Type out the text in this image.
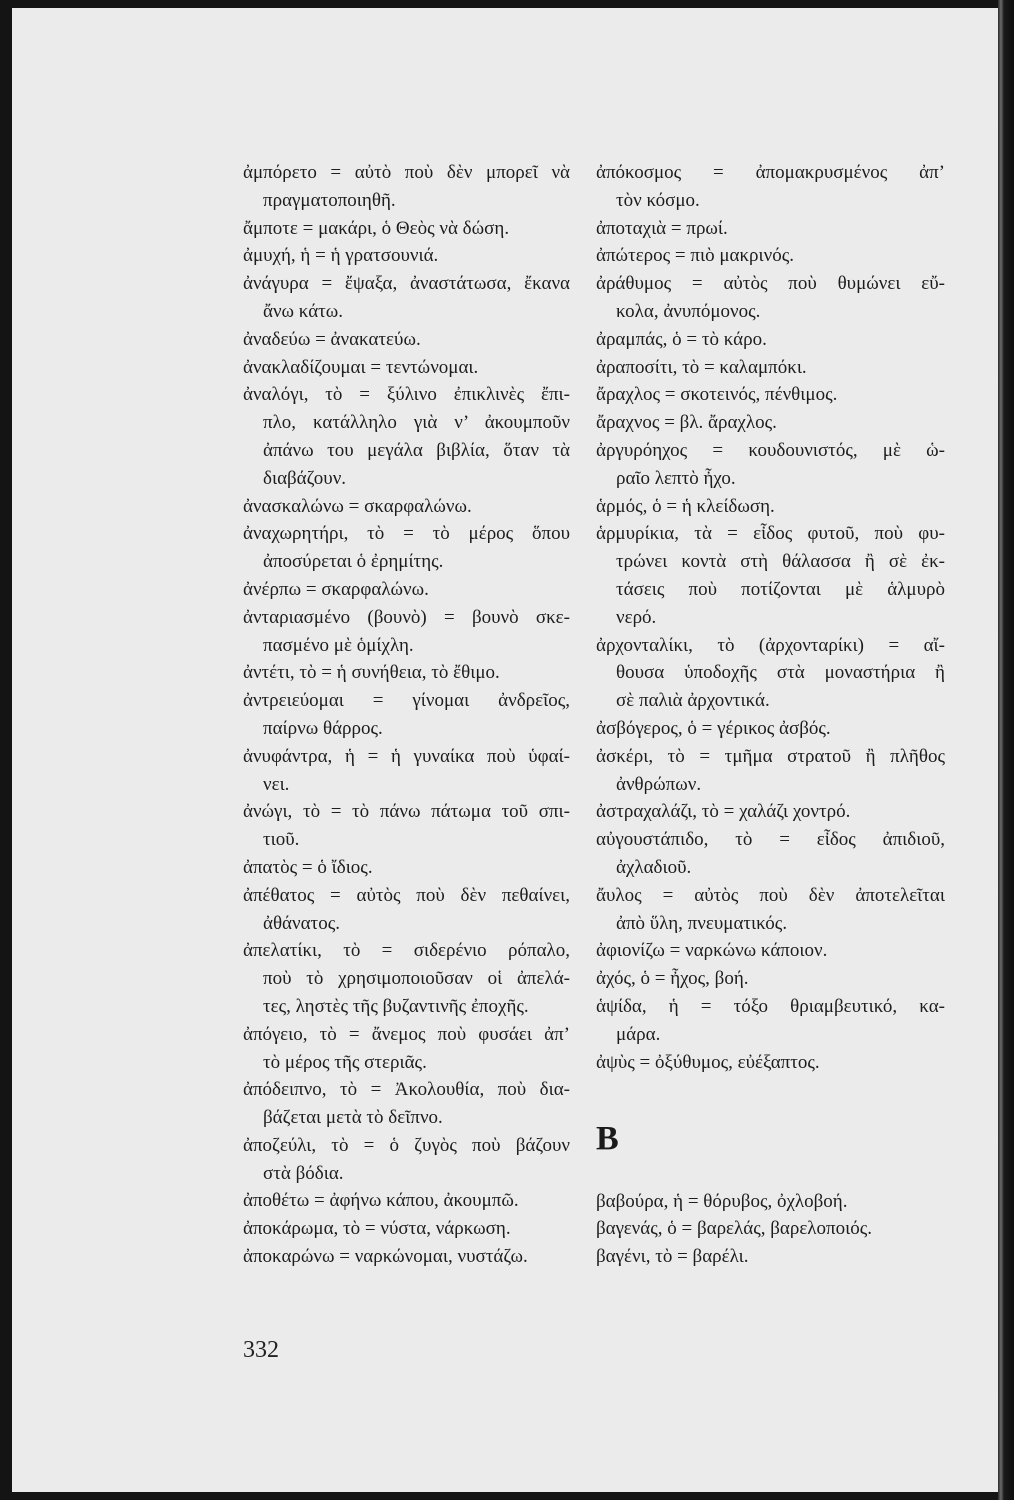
ἀμπόρετο = αὐτὸ ποὺ δὲν μπορεῖ νὰ
πραγματοποιηθῆ.
ἄμποτε = μακάρι, ὁ Θεὸς νὰ δώση.
ἀμυχή, ἡ = ἡ γρατσουνιά.
ἀνάγυρα = ἔψαξα, ἀναστάτωσα, ἔκανα
ἄνω κάτω.
ἀναδεύω = ἀνακατεύω.
ἀνακλαδίζουμαι = τεντώνομαι.
ἀναλόγι, τὸ = ξύλινο ἐπικλινὲς ἔπι-
πλο, κατάλληλο γιὰ ν’ ἀκουμποῦν
ἀπάνω του μεγάλα βιβλία, ὅταν τὰ
διαβάζουν.
ἀνασκαλώνω = σκαρφαλώνω.
ἀναχωρητήρι, τὸ = τὸ μέρος ὅπου
ἀποσύρεται ὁ ἐρημίτης.
ἀνέρπω = σκαρφαλώνω.
ἀνταριασμένο (βουνὸ) = βουνὸ σκε-
πασμένο μὲ ὁμίχλη.
ἀντέτι, τὸ = ἡ συνήθεια, τὸ ἔθιμο.
ἀντρειεύομαι = γίνομαι ἀνδρεῖος,
παίρνω θάρρος.
ἀνυφάντρα, ἡ = ἡ γυναίκα ποὺ ὑφαί-
νει.
ἀνώγι, τὸ = τὸ πάνω πάτωμα τοῦ σπι-
τιοῦ.
ἀπατὸς = ὁ ἴδιος.
ἀπέθατος = αὐτὸς ποὺ δὲν πεθαίνει,
ἀθάνατος.
ἀπελατίκι, τὸ = σιδερένιο ρόπαλο,
ποὺ τὸ χρησιμοποιοῦσαν οἱ ἀπελά-
τες, ληστὲς τῆς βυζαντινῆς ἐποχῆς.
ἀπόγειο, τὸ = ἄνεμος ποὺ φυσάει ἀπ’
τὸ μέρος τῆς στεριᾶς.
ἀπόδειπνο, τὸ = Ἀκολουθία, ποὺ δια-
βάζεται μετὰ τὸ δεῖπνο.
ἀποζεύλι, τὸ = ὁ ζυγὸς ποὺ βάζουν
στὰ βόδια.
ἀποθέτω = ἀφήνω κάπου, ἀκουμπῶ.
ἀποκάρωμα, τὸ = νύστα, νάρκωση.
ἀποκαρώνω = ναρκώνομαι, νυστάζω.
ἀπόκοσμος = ἀπομακρυσμένος ἀπ’
τὸν κόσμο.
ἀποταχιὰ = πρωί.
ἀπώτερος = πιὸ μακρινός.
ἀράθυμος = αὐτὸς ποὺ θυμώνει εὔ-
κολα, ἀνυπόμονος.
ἀραμπάς, ὁ = τὸ κάρο.
ἀραποσίτι, τὸ = καλαμπόκι.
ἄραχλος = σκοτεινός, πένθιμος.
ἄραχνος = βλ. ἄραχλος.
ἀργυρόηχος = κουδουνιστός, μὲ ὡ-
ραῖο λεπτὸ ἦχο.
ἁρμός, ὁ = ἡ κλείδωση.
ἁρμυρίκια, τὰ = εἶδος φυτοῦ, ποὺ φυ-
τρώνει κοντὰ στὴ θάλασσα ἢ σὲ ἐκ-
τάσεις ποὺ ποτίζονται μὲ ἁλμυρὸ
νερό.
ἀρχονταλίκι, τὸ (ἀρχονταρίκι) = αἴ-
θουσα ὑποδοχῆς στὰ μοναστήρια ἢ
σὲ παλιὰ ἀρχοντικά.
ἀσβόγερος, ὁ = γέρικος ἀσβός.
ἀσκέρι, τὸ = τμῆμα στρατοῦ ἢ πλῆθος
ἀνθρώπων.
ἀστραχαλάζι, τὸ = χαλάζι χοντρό.
αὐγουστάπιδο, τὸ = εἶδος ἀπιδιοῦ,
ἀχλαδιοῦ.
ἄυλος = αὐτὸς ποὺ δὲν ἀποτελεῖται
ἀπὸ ὕλη, πνευματικός.
ἀφιονίζω = ναρκώνω κάποιον.
ἀχός, ὁ = ἦχος, βοή.
ἁψίδα, ἡ = τόξο θριαμβευτικό, κα-
μάρα.
ἀψὺς = ὀξύθυμος, εὐέξαπτος.
Β
βαβούρα, ἡ = θόρυβος, ὀχλοβοή.
βαγενάς, ὁ = βαρελάς, βαρελοποιός.
βαγένι, τὸ = βαρέλι.
332
